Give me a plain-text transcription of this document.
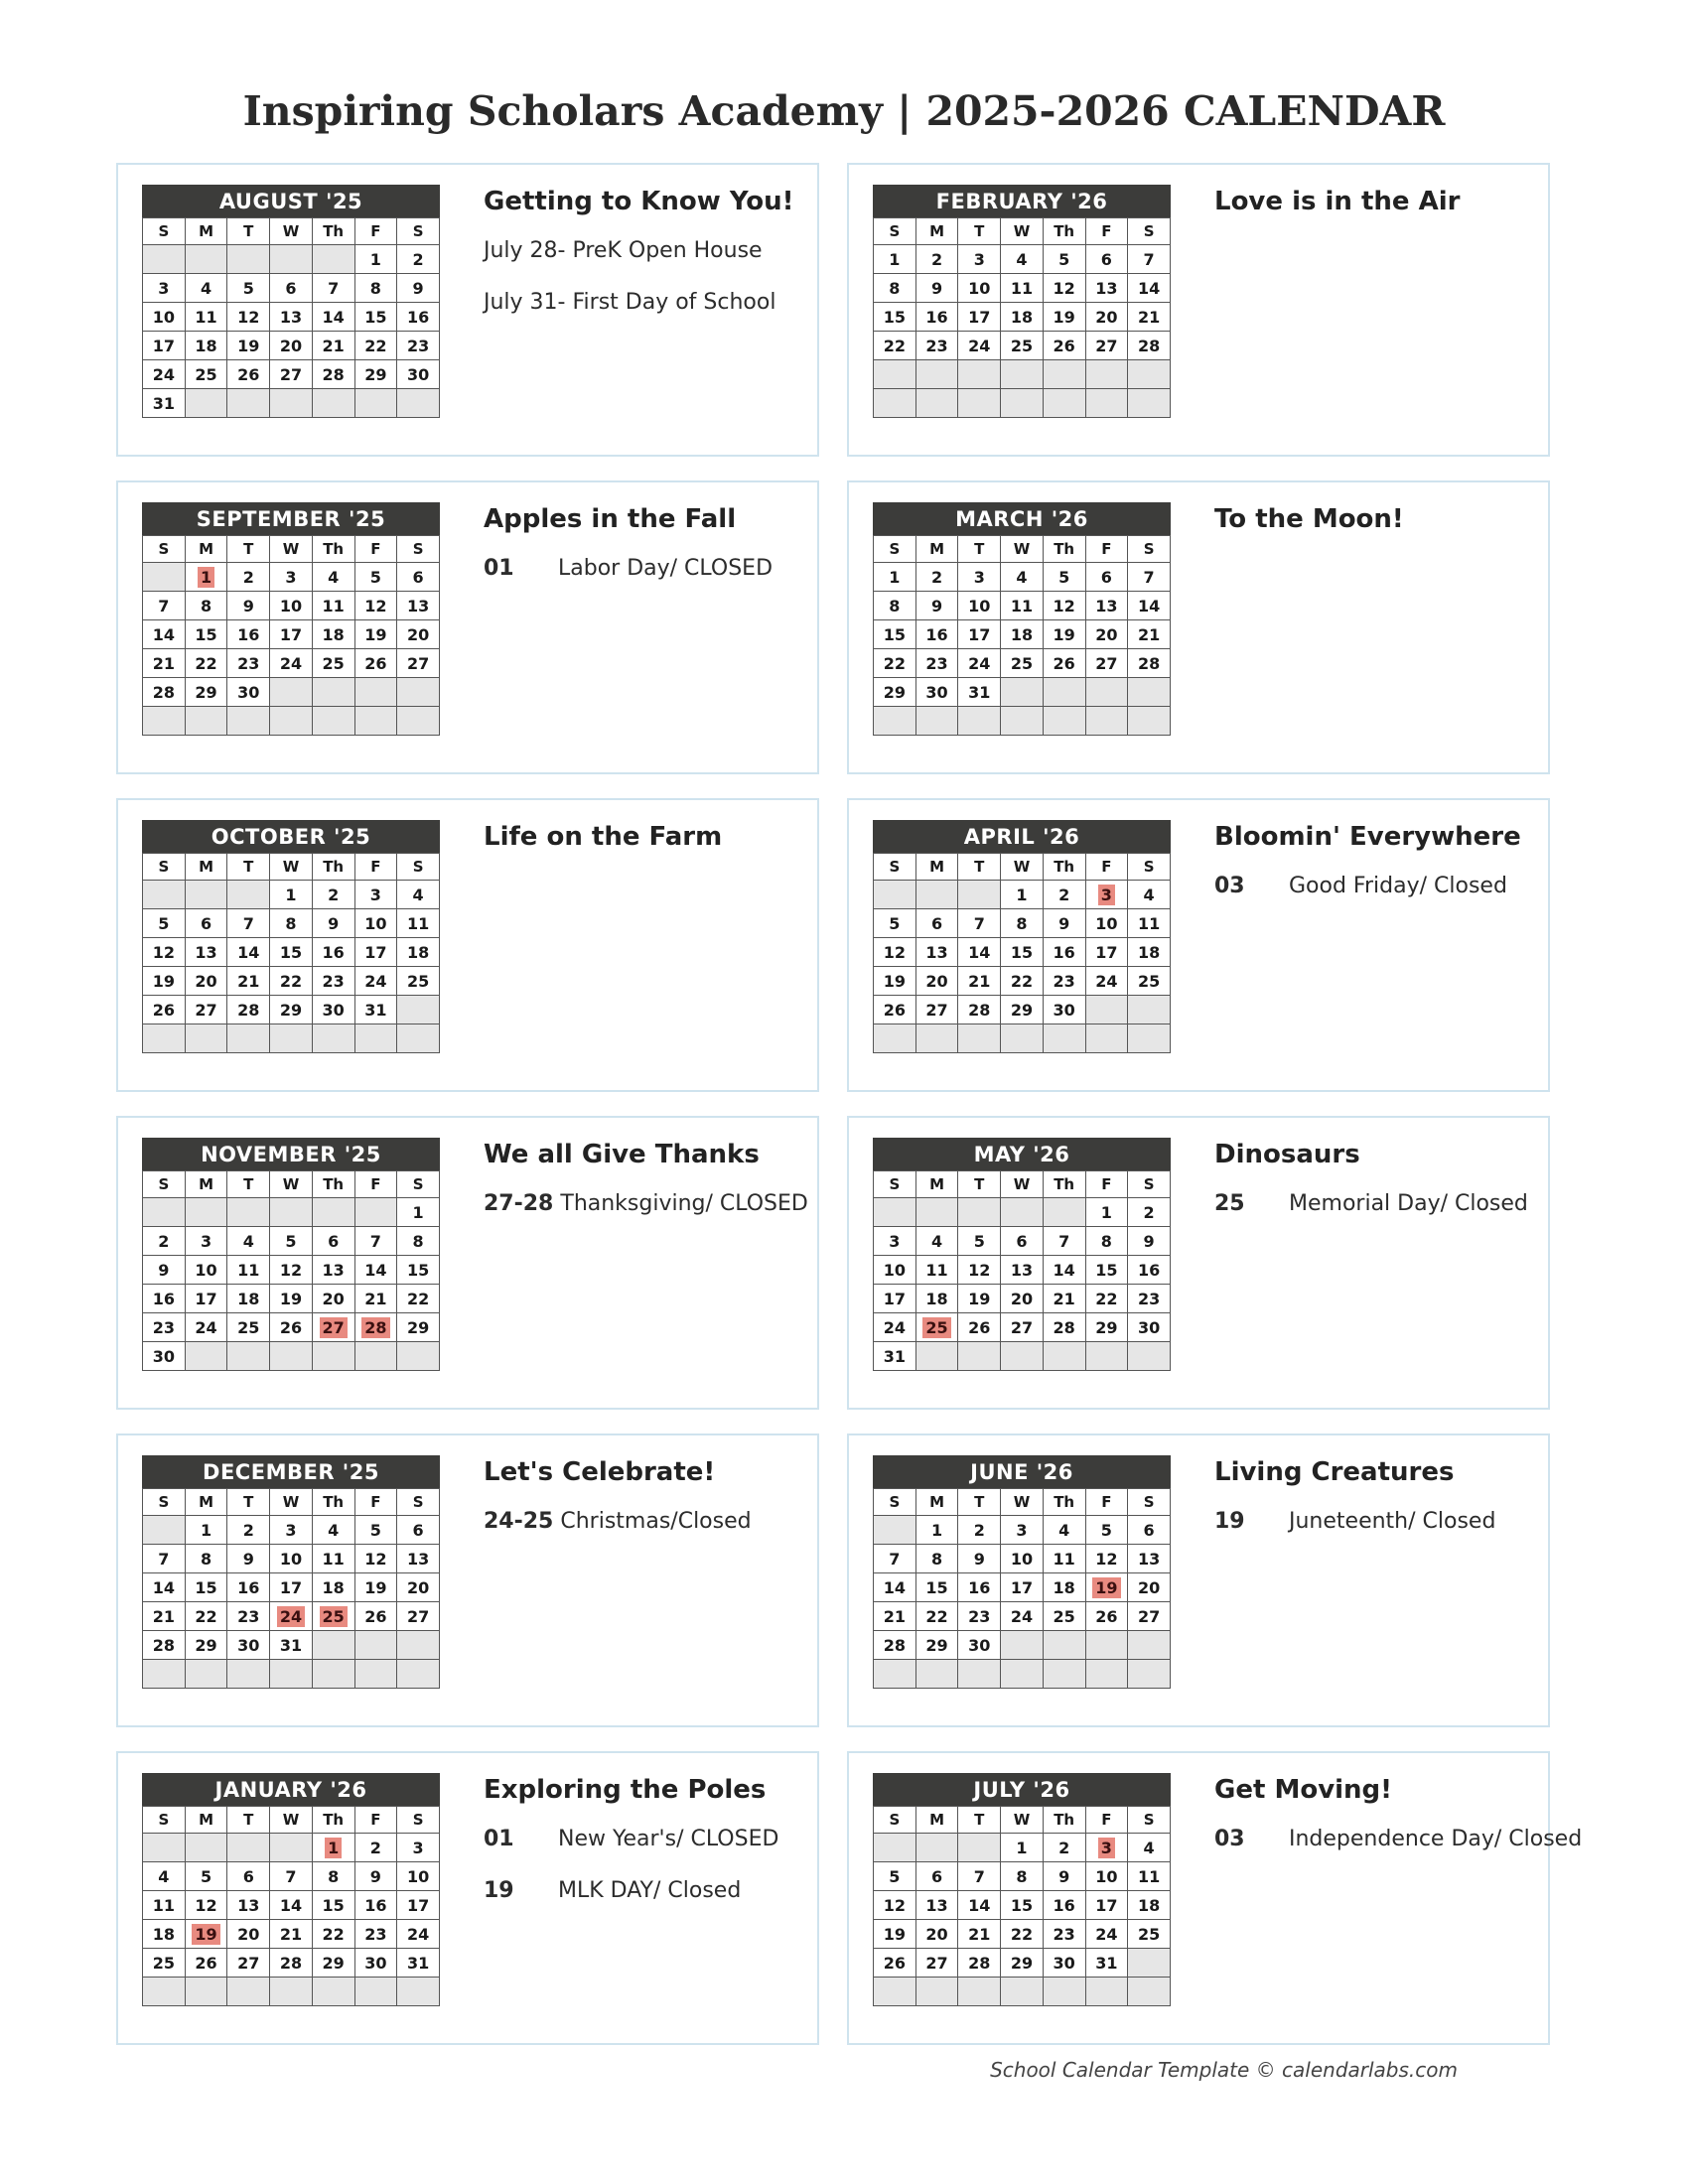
Inspiring Scholars Academy | 2025-2026 CALENDAR
AUGUST '25
S	M	T	W	Th	F	S
					1	2
3	4	5	6	7	8	9
10	11	12	13	14	15	16
17	18	19	20	21	22	23
24	25	26	27	28	29	30
31						
Getting to Know You!
July 28- PreK Open House
July 31- First Day of School
FEBRUARY '26
S	M	T	W	Th	F	S
1	2	3	4	5	6	7
8	9	10	11	12	13	14
15	16	17	18	19	20	21
22	23	24	25	26	27	28

Love is in the Air
SEPTEMBER '25
S	M	T	W	Th	F	S
	1	2	3	4	5	6
7	8	9	10	11	12	13
14	15	16	17	18	19	20
21	22	23	24	25	26	27
28	29	30				

Apples in the Fall
01 Labor Day/ CLOSED
MARCH '26
S	M	T	W	Th	F	S
1	2	3	4	5	6	7
8	9	10	11	12	13	14
15	16	17	18	19	20	21
22	23	24	25	26	27	28
29	30	31				

To the Moon!
OCTOBER '25
S	M	T	W	Th	F	S
			1	2	3	4
5	6	7	8	9	10	11
12	13	14	15	16	17	18
19	20	21	22	23	24	25
26	27	28	29	30	31	

Life on the Farm	APRIL '26
S	M	T	W	Th	F	S
			1	2	3	4
5	6	7	8	9	10	11
12	13	14	15	16	17	18
19	20	21	22	23	24	25
26	27	28	29	30		

Bloomin' Everywhere
03 Good Friday/ Closed
NOVEMBER '25
S	M	T	W	Th	F	S
						1
2	3	4	5	6	7	8
9	10	11	12	13	14	15
16	17	18	19	20	21	22
23	24	25	26	27	28	29
30						
We all Give Thanks
27-28 Thanksgiving/ CLOSED
MAY '26
S	M	T	W	Th	F	S
					1	2
3	4	5	6	7	8	9
10	11	12	13	14	15	16
17	18	19	20	21	22	23
24	25	26	27	28	29	30
31						
Dinosaurs
25 Memorial Day/ Closed
DECEMBER '25
S	M	T	W	Th	F	S
	1	2	3	4	5	6
7	8	9	10	11	12	13
14	15	16	17	18	19	20
21	22	23	24	25	26	27
28	29	30	31			

Let's Celebrate!
24-25 Christmas/Closed
JUNE '26
S	M	T	W	Th	F	S
	1	2	3	4	5	6
7	8	9	10	11	12	13
14	15	16	17	18	19	20
21	22	23	24	25	26	27
28	29	30				

Living Creatures
19 Juneteenth/ Closed
JANUARY '26
S	M	T	W	Th	F	S
				1	2	3
4	5	6	7	8	9	10
11	12	13	14	15	16	17
18	19	20	21	22	23	24
25	26	27	28	29	30	31

Exploring the Poles
01 New Year's/ CLOSED
19 MLK DAY/ Closed
JULY '26
S	M	T	W	Th	F	S
			1	2	3	4
5	6	7	8	9	10	11
12	13	14	15	16	17	18
19	20	21	22	23	24	25
26	27	28	29	30	31	

Get Moving!
03 Independence Day/ Closed
School Calendar Template © calendarlabs.com
